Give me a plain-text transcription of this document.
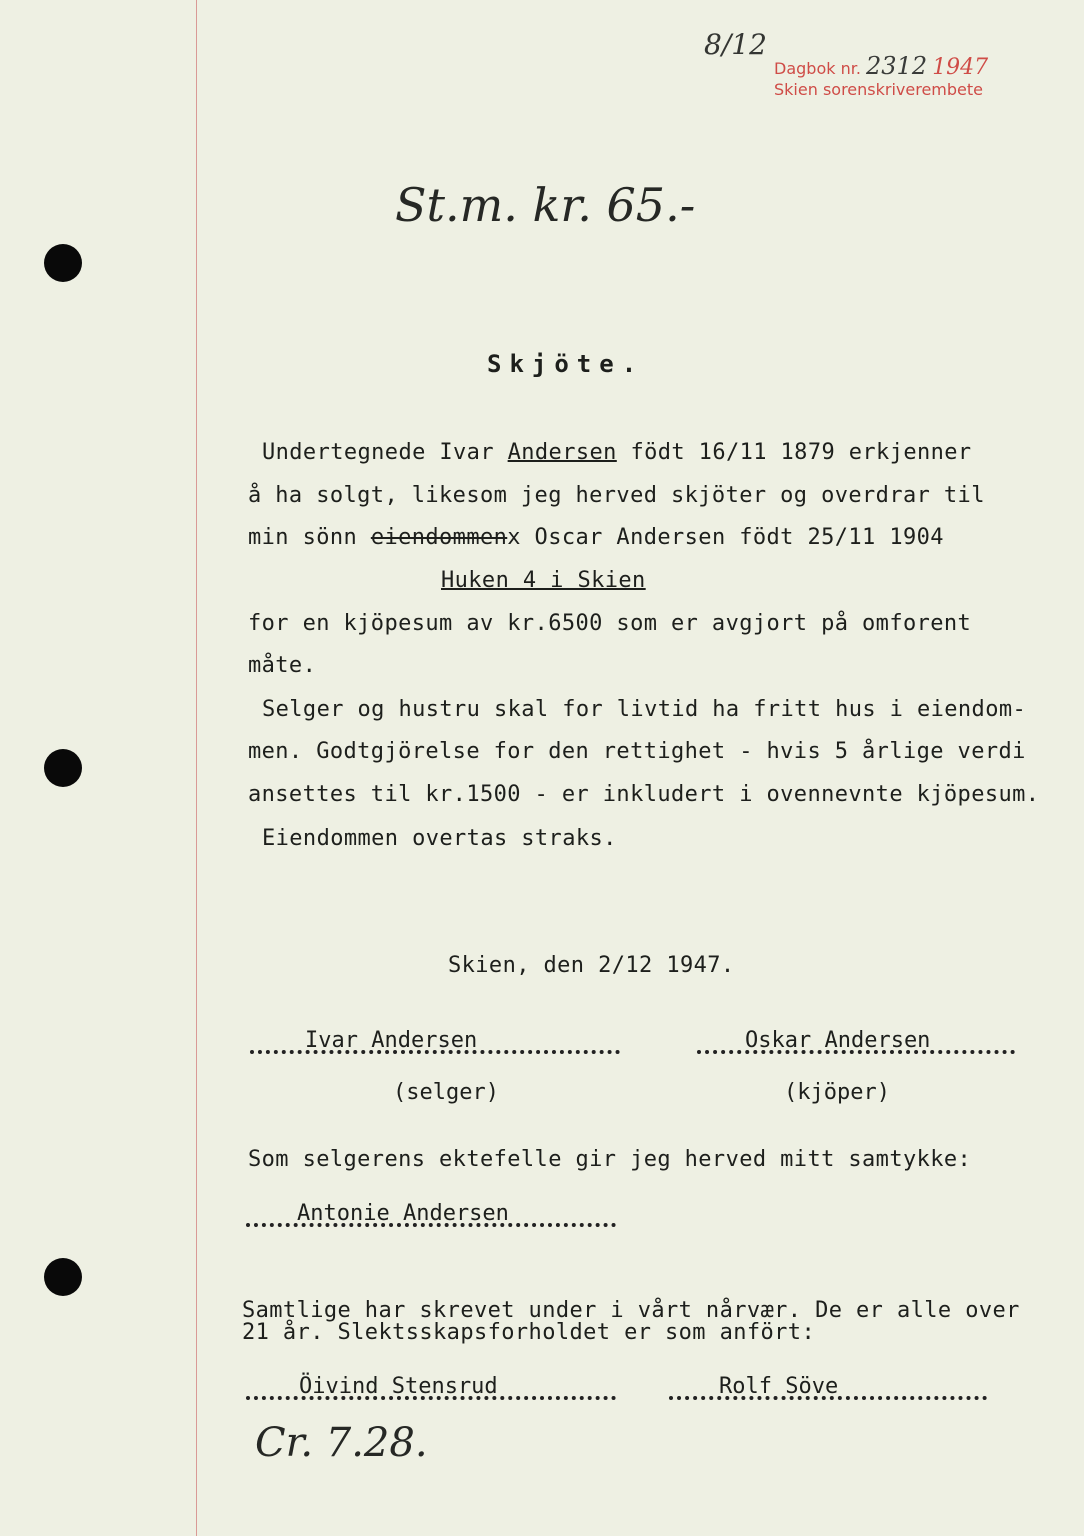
8/12
Dagbok nr. 2312 1947
Skien sorenskriverembete
St.m. kr. 65.-
Skjöte.
Undertegnede Ivar Andersen födt 16/11 1879 erkjenner
å ha solgt, likesom jeg herved skjöter og overdrar til
min sönn eiendommenx Oscar Andersen födt 25/11 1904
Huken 4 i Skien
for en kjöpesum av kr.6500 som er avgjort på omforent
måte.
Selger og hustru skal for livtid ha fritt hus i eiendom-
men. Godtgjörelse for den rettighet - hvis 5 årlige verdi
ansettes til kr.1500 - er inkludert i ovennevnte kjöpesum.
Eiendommen overtas straks.
Skien, den 2/12 1947.
Ivar Andersen
(selger)
Oskar Andersen
(kjöper)
Som selgerens ektefelle gir jeg herved mitt samtykke:
Antonie Andersen
Samtlige har skrevet under i vårt nårvær. De er alle over
21 år. Slektsskapsforholdet er som anfört:
Öivind Stensrud	Rolf Söve
Cr. 7.28.
